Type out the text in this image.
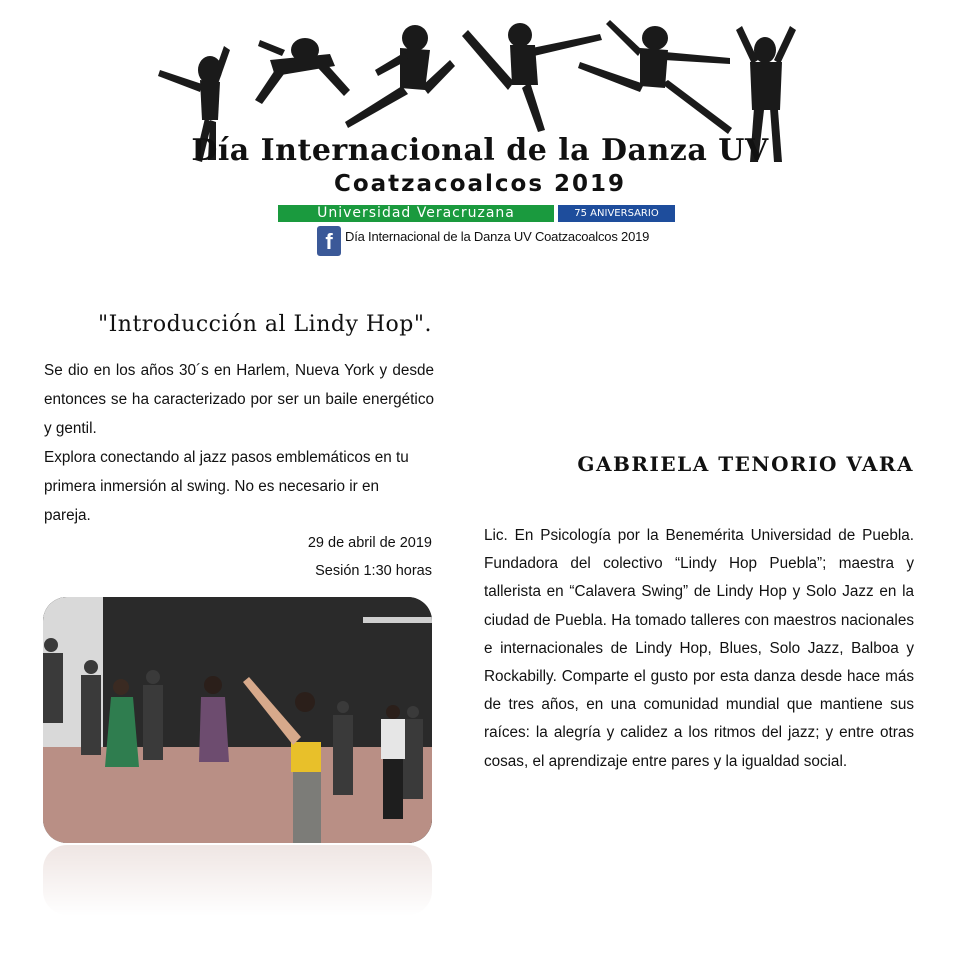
Día Internacional de la Danza UV
Coatzacoalcos 2019
Universidad Veracruzana	75 ANIVERSARIO
f Día Internacional de la Danza UV Coatzacoalcos 2019
"Introducción al Lindy Hop".

Se dio en los años 30´s en Harlem, Nueva York y desde entonces se ha caracterizado por ser un baile energético y gentil.

Explora conectando al jazz pasos emblemáticos en tu primera inmersión al swing. No es necesario ir en pareja.

29 de abril de 2019
Sesión 1:30 horas
GABRIELA TENORIO VARA
Lic. En Psicología por la Benemérita Universidad de Puebla. Fundadora del colectivo “Lindy Hop Puebla”; maestra y tallerista en “Calavera Swing” de Lindy Hop y Solo Jazz en la ciudad de Puebla. Ha tomado talleres con maestros nacionales e internacionales de Lindy Hop, Blues, Solo Jazz, Balboa y Rockabilly. Comparte el gusto por esta danza desde hace más de tres años, en una comunidad mundial que mantiene sus raíces: la alegría y calidez a los ritmos del jazz; y entre otras cosas, el aprendizaje entre pares y la igualdad social.
